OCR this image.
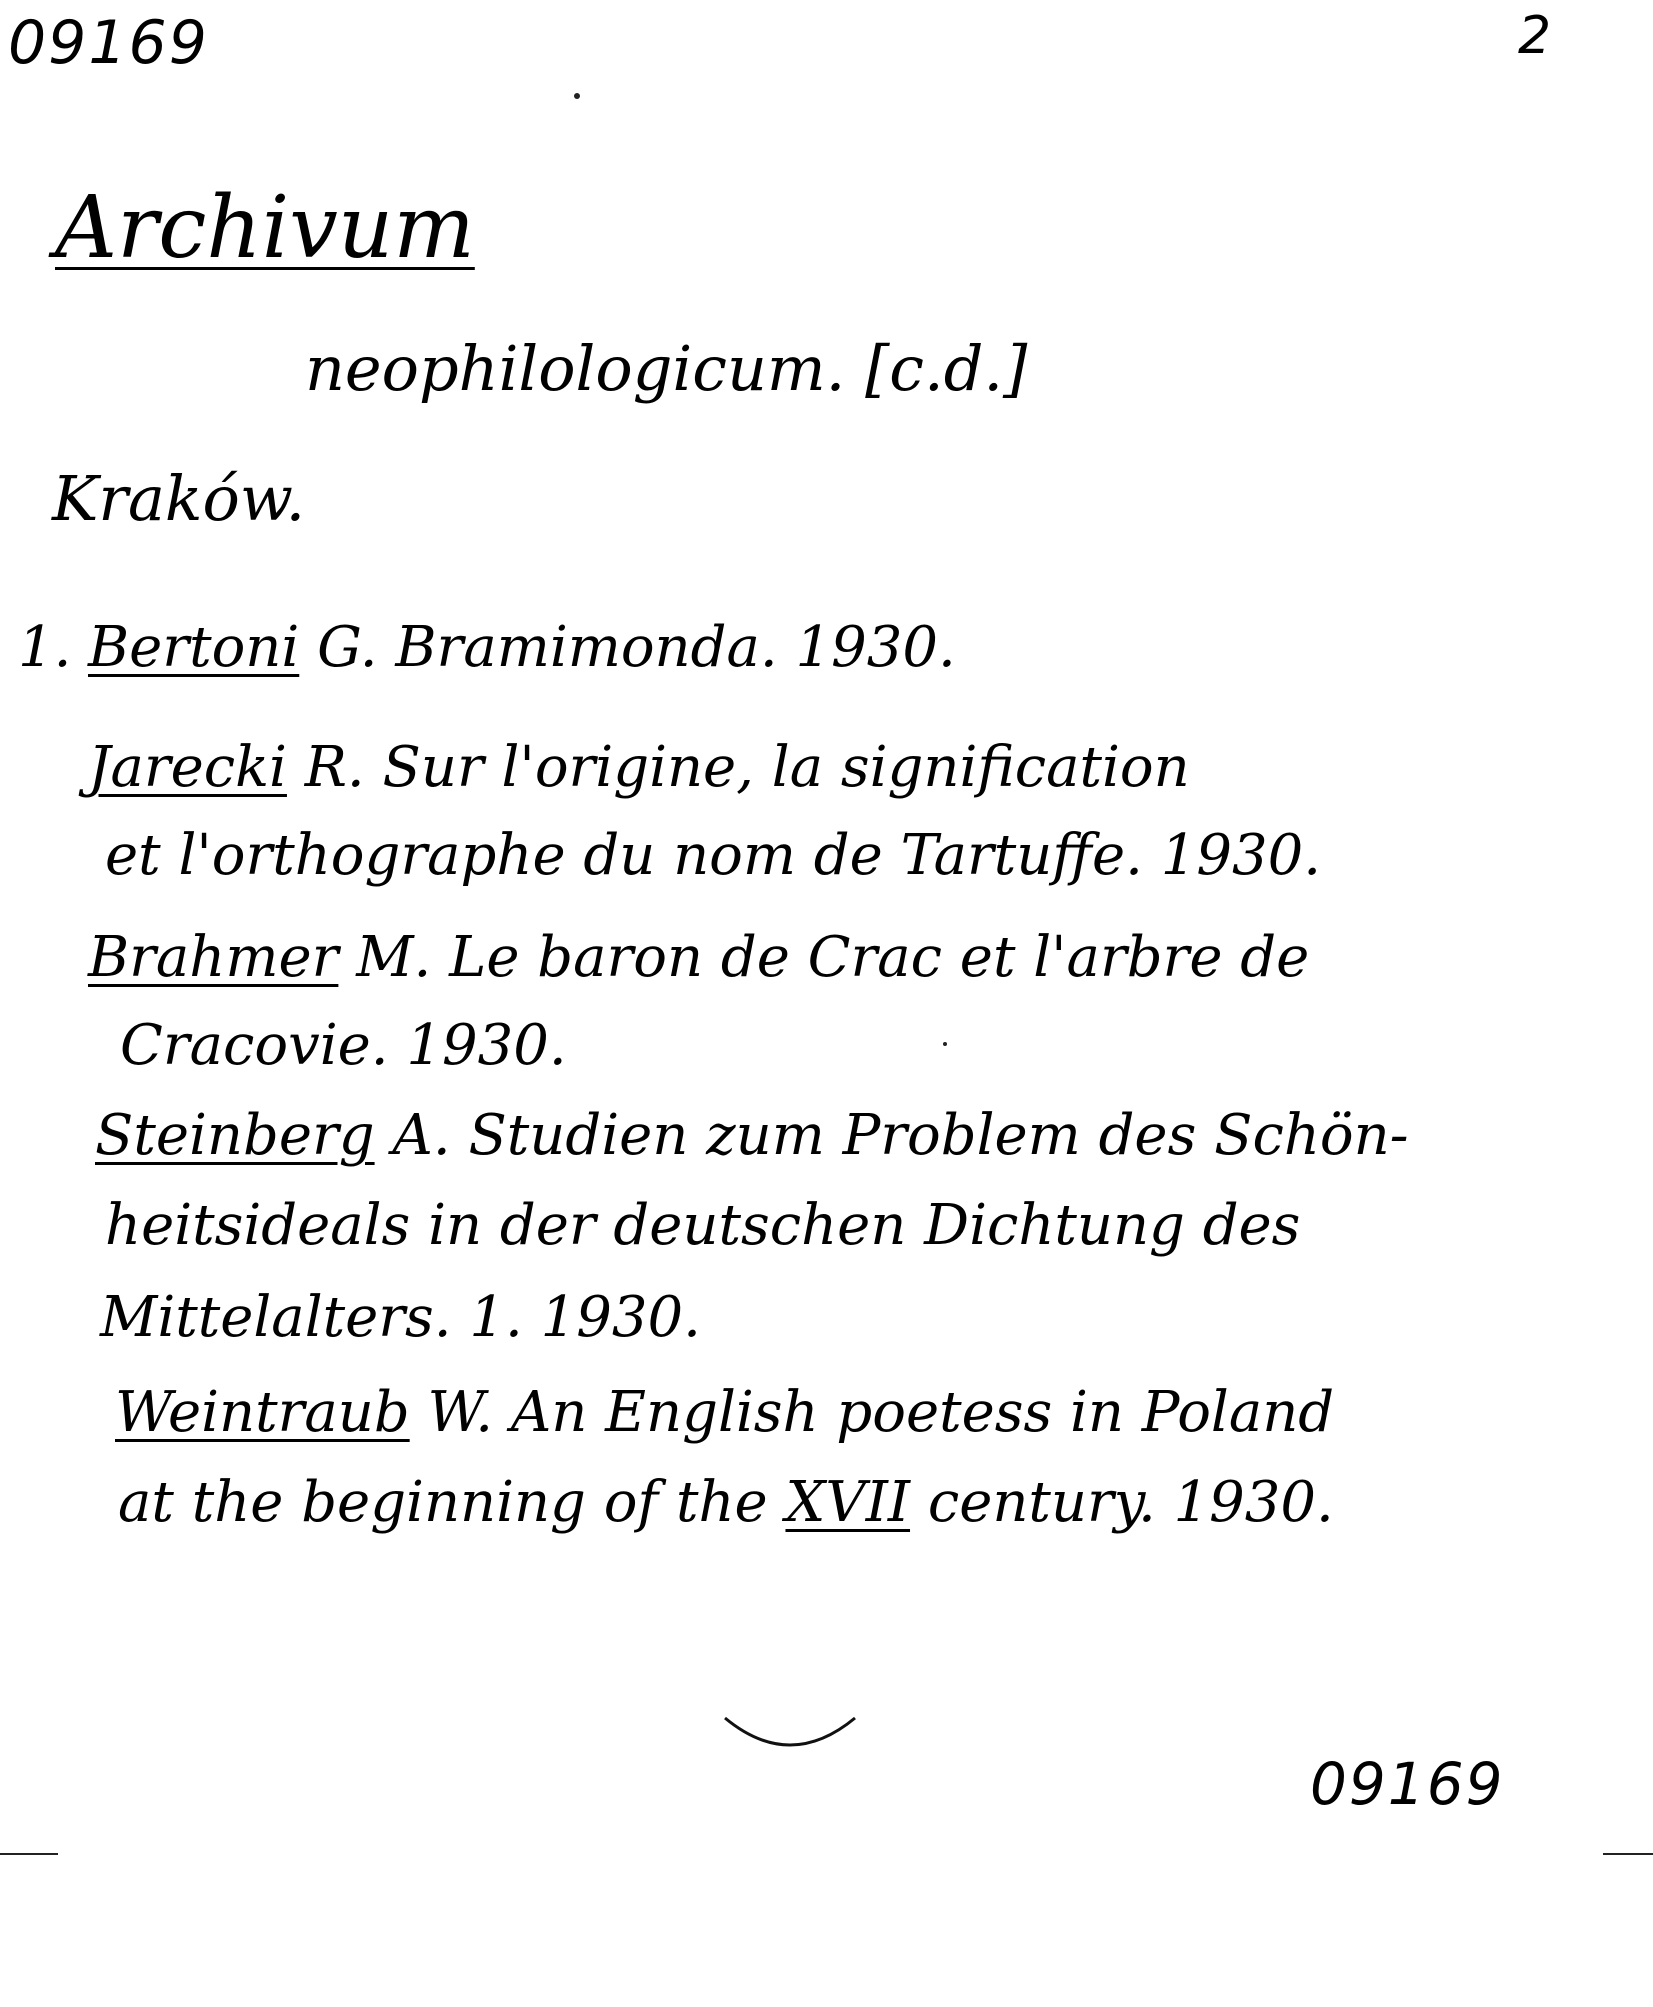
09169	2
Archivum
neophilologicum. [c.d.]
Kraków.
1. Bertoni G. Bramimonda. 1930.
Jarecki R. Sur l'origine, la signification
et l'orthographe du nom de Tartuffe. 1930.
Brahmer M. Le baron de Crac et l'arbre de
Cracovie. 1930.
Steinberg A. Studien zum Problem des Schön-
heitsideals in der deutschen Dichtung des
Mittelalters. 1. 1930.
Weintraub W. An English poetess in Poland
at the beginning of the XVII century. 1930.
09169
